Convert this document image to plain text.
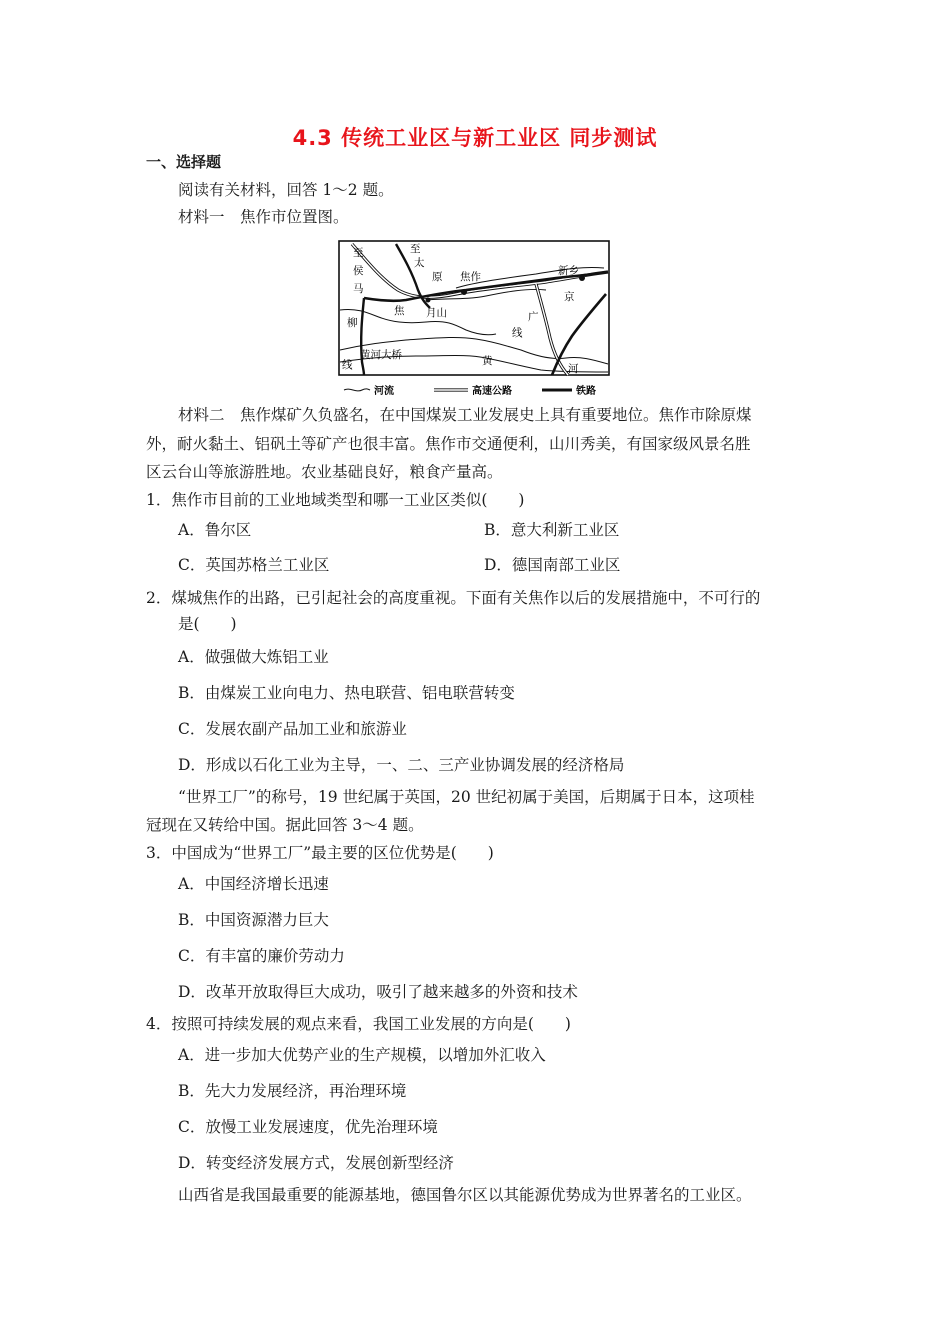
4.3 传统工业区与新工业区 同步测试
一、选择题
阅读有关材料，回答 1～2 题。
材料一　焦作市位置图。
至
侯
马
至
太
原 焦作	新乡
京
柳
焦 月山	广
线
线
黄河大桥	黄
河
河流	高速公路	铁路
材料二　焦作煤矿久负盛名，在中国煤炭工业发展史上具有重要地位。焦作市除原煤
外，耐火黏土、铝矾土等矿产也很丰富。焦作市交通便利，山川秀美，有国家级风景名胜
区云台山等旅游胜地。农业基础良好，粮食产量高。
1．焦作市目前的工业地域类型和哪一工业区类似(　　)
A．鲁尔区	B．意大利新工业区
C．英国苏格兰工业区	D．德国南部工业区
2．煤城焦作的出路，已引起社会的高度重视。下面有关焦作以后的发展措施中，不可行的
是(　　)
A．做强做大炼铝工业
B．由煤炭工业向电力、热电联营、铝电联营转变
C．发展农副产品加工业和旅游业
D．形成以石化工业为主导，一、二、三产业协调发展的经济格局
“世界工厂”的称号，19 世纪属于英国，20 世纪初属于美国，后期属于日本，这项桂
冠现在又转给中国。据此回答 3～4 题。
3．中国成为“世界工厂”最主要的区位优势是(　　)
A．中国经济增长迅速
B．中国资源潜力巨大
C．有丰富的廉价劳动力
D．改革开放取得巨大成功，吸引了越来越多的外资和技术
4．按照可持续发展的观点来看，我国工业发展的方向是(　　)
A．进一步加大优势产业的生产规模，以增加外汇收入
B．先大力发展经济，再治理环境
C．放慢工业发展速度，优先治理环境
D．转变经济发展方式，发展创新型经济
山西省是我国最重要的能源基地，德国鲁尔区以其能源优势成为世界著名的工业区。
